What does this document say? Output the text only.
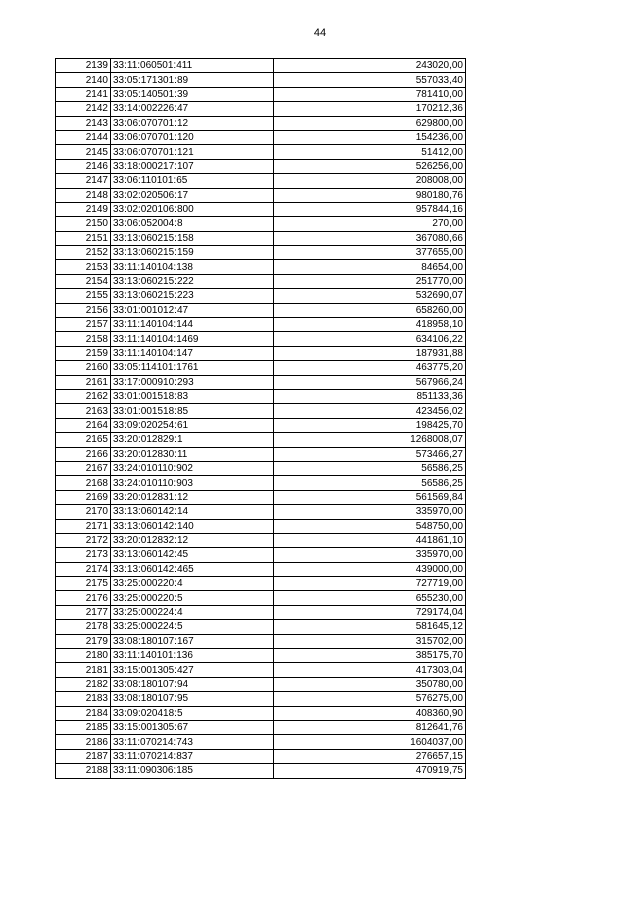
44
2139	33:11:060501:411	243020,00
2140	33:05:171301:89	557033,40
2141	33:05:140501:39	781410,00
2142	33:14:002226:47	170212,36
2143	33:06:070701:12	629800,00
2144	33:06:070701:120	154236,00
2145	33:06:070701:121	51412,00
2146	33:18:000217:107	526256,00
2147	33:06:110101:65	208008,00
2148	33:02:020506:17	980180,76
2149	33:02:020106:800	957844,16
2150	33:06:052004:8	270,00
2151	33:13:060215:158	367080,66
2152	33:13:060215:159	377655,00
2153	33:11:140104:138	84654,00
2154	33:13:060215:222	251770,00
2155	33:13:060215:223	532690,07
2156	33:01:001012:47	658260,00
2157	33:11:140104:144	418958,10
2158	33:11:140104:1469	634106,22
2159	33:11:140104:147	187931,88
2160	33:05:114101:1761	463775,20
2161	33:17:000910:293	567966,24
2162	33:01:001518:83	851133,36
2163	33:01:001518:85	423456,02
2164	33:09:020254:61	198425,70
2165	33:20:012829:1	1268008,07
2166	33:20:012830:11	573466,27
2167	33:24:010110:902	56586,25
2168	33:24:010110:903	56586,25
2169	33:20:012831:12	561569,84
2170	33:13:060142:14	335970,00
2171	33:13:060142:140	548750,00
2172	33:20:012832:12	441861,10
2173	33:13:060142:45	335970,00
2174	33:13:060142:465	439000,00
2175	33:25:000220:4	727719,00
2176	33:25:000220:5	655230,00
2177	33:25:000224:4	729174,04
2178	33:25:000224:5	581645,12
2179	33:08:180107:167	315702,00
2180	33:11:140101:136	385175,70
2181	33:15:001305:427	417303,04
2182	33:08:180107:94	350780,00
2183	33:08:180107:95	576275,00
2184	33:09:020418:5	408360,90
2185	33:15:001305:67	812641,76
2186	33:11:070214:743	1604037,00
2187	33:11:070214:837	276657,15
2188	33:11:090306:185	470919,75
